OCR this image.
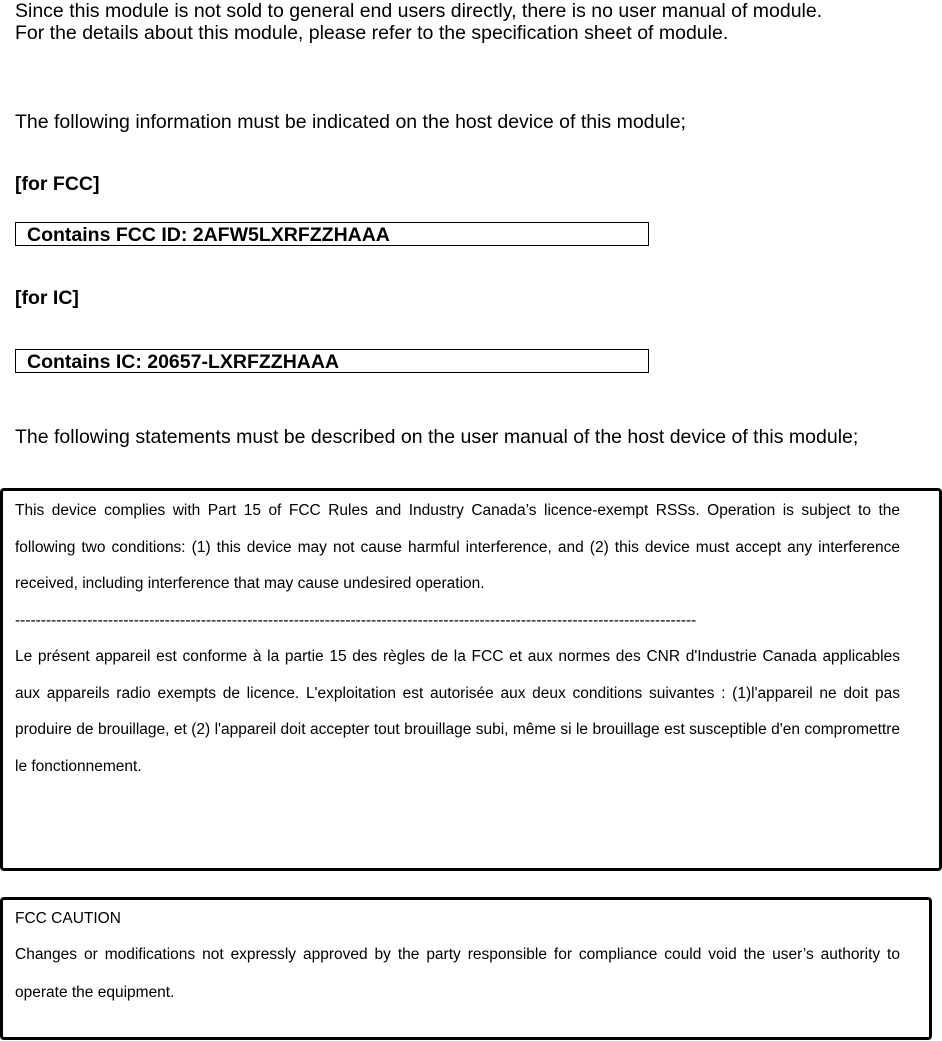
Since this module is not sold to general end users directly, there is no user manual of module.
For the details about this module, please refer to the specification sheet of module.
The following information must be indicated on the host device of this module;
[for FCC]
Contains FCC ID: 2AFW5LXRFZZHAAA
[for IC]
Contains IC: 20657-LXRFZZHAAA
The following statements must be described on the user manual of the host device of this module;

This device complies with Part 15 of FCC Rules and Industry Canada’s licence-exempt RSSs. Operation is subject to the following two conditions: (1) this device may not cause harmful interference, and (2) this device must accept any interference received, including interference that may cause undesired operation.

------------------------------------------------------------------------------------------------------------------------------------

Le présent appareil est conforme à la partie 15 des règles de la FCC et aux normes des CNR d'Industrie Canada applicables aux appareils radio exempts de licence. L'exploitation est autorisée aux deux conditions suivantes : (1)l'appareil ne doit pas produire de brouillage, et (2) l'appareil doit accepter tout brouillage subi, même si le brouillage est susceptible d'en compromettre le fonctionnement.

FCC CAUTION

Changes or modifications not expressly approved by the party responsible for compliance could void the user’s authority to operate the equipment.
